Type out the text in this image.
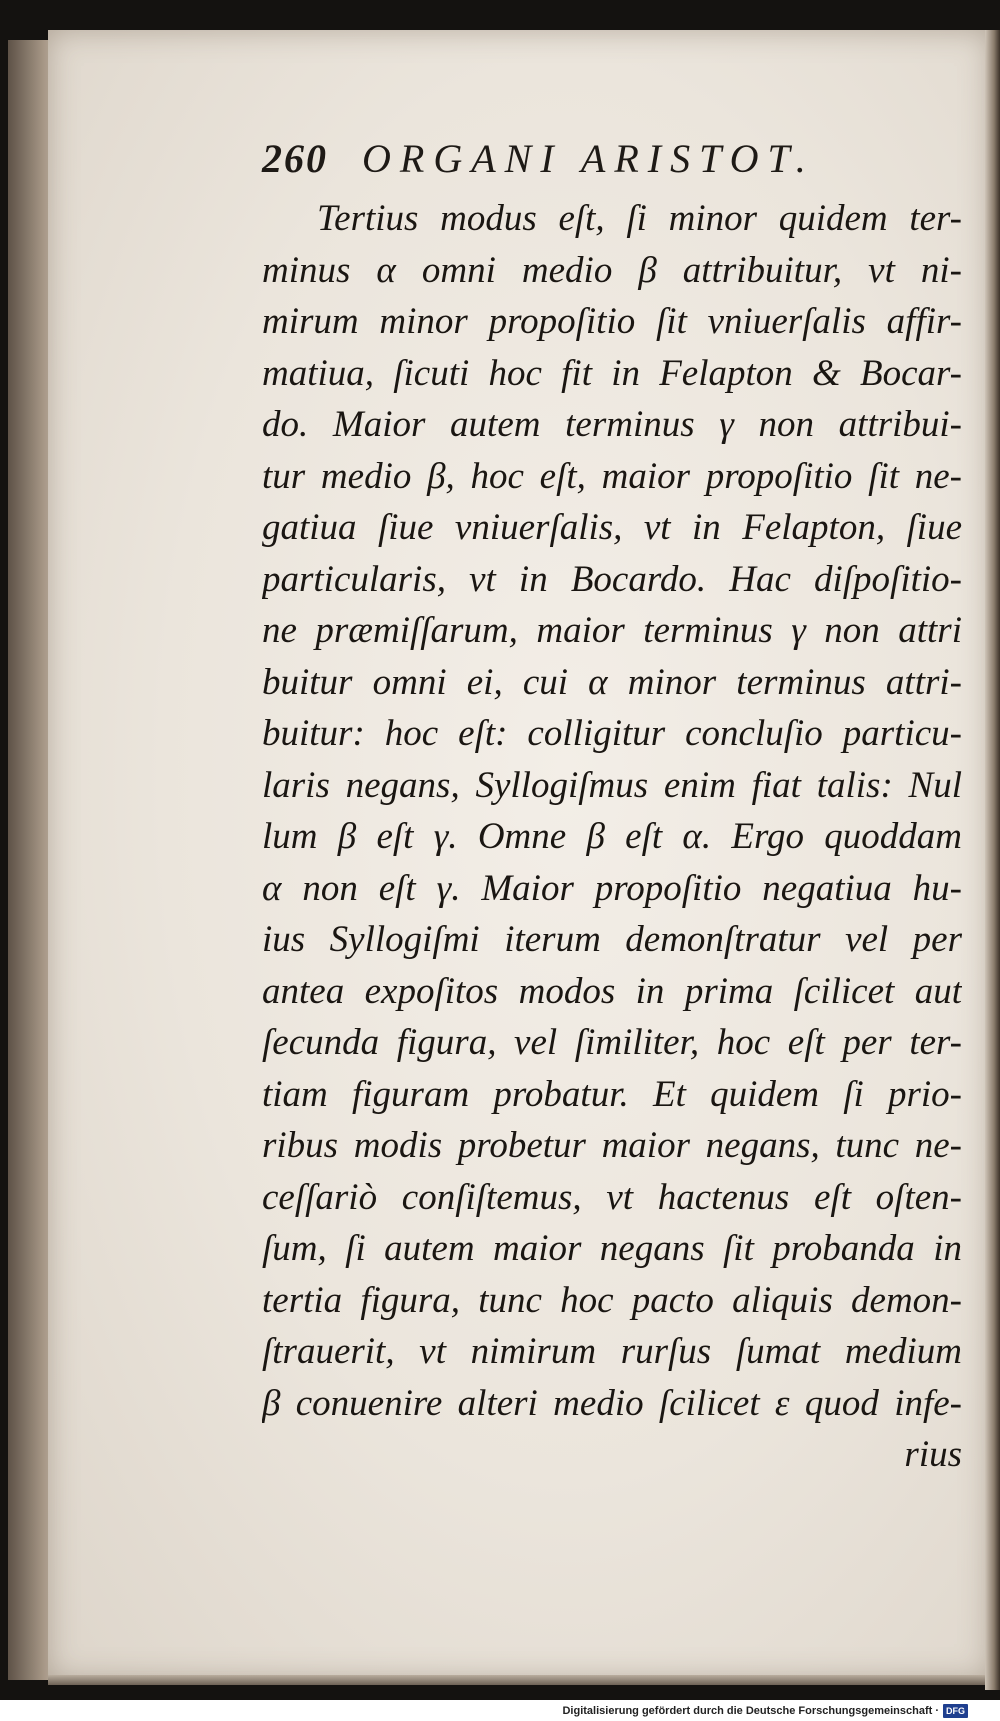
260 ORGANI ARISTOT.
Tertius modus eſt, ſi minor quidem ter-
minus α omni medio β attribuitur, vt ni-
mirum minor propoſitio ſit vniuerſalis affir-
matiua, ſicuti hoc fit in Felapton & Bocar-
do. Maior autem terminus γ non attribui-
tur medio β, hoc eſt, maior propoſitio ſit ne-
gatiua ſiue vniuerſalis, vt in Felapton, ſiue
particularis, vt in Bocardo. Hac diſpoſitio-
ne præmiſſarum, maior terminus γ non attri
buitur omni ei, cui α minor terminus attri-
buitur: hoc eſt: colligitur concluſio particu-
laris negans, Syllogiſmus enim fiat talis: Nul
lum β eſt γ. Omne β eſt α. Ergo quoddam
α non eſt γ. Maior propoſitio negatiua hu-
ius Syllogiſmi iterum demonſtratur vel per
antea expoſitos modos in prima ſcilicet aut
ſecunda figura, vel ſimiliter, hoc eſt per ter-
tiam figuram probatur. Et quidem ſi prio-
ribus modis probetur maior negans, tunc ne-
ceſſariò conſiſtemus, vt hactenus eſt oſten-
ſum, ſi autem maior negans ſit probanda in
tertia figura, tunc hoc pacto aliquis demon-
ſtrauerit, vt nimirum rurſus ſumat medium
β conuenire alteri medio ſcilicet ε quod infe-
rius
Digitalisierung gefördert durch die Deutsche Forschungsgemeinschaft · DFG
